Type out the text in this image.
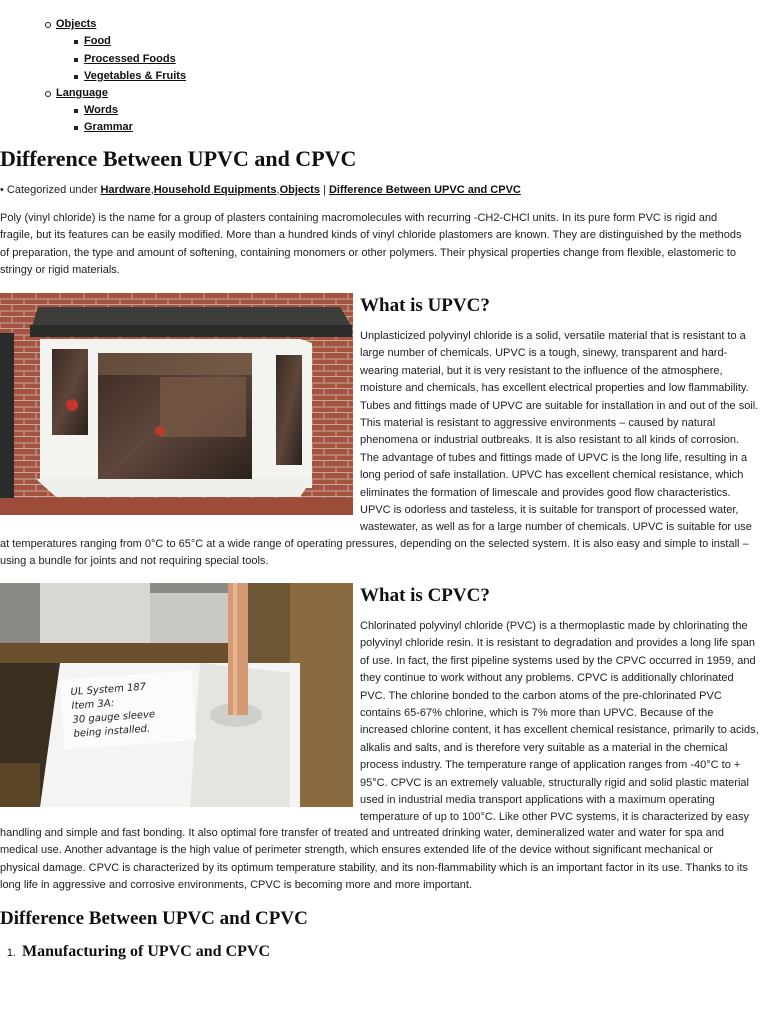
Objects
Food
Processed Foods
Vegetables & Fruits
Language
Words
Grammar
Difference Between UPVC and CPVC

• Categorized under Hardware,Household Equipments,Objects | Difference Between UPVC and CPVC

Poly (vinyl chloride) is the name for a group of plasters containing macromolecules with recurring -CH2-CHCl units. In its pure form PVC is rigid and
fragile, but its features can be easily modified. More than a hundred kinds of vinyl chloride plastomers are known. They are distinguished by the methods
of preparation, the type and amount of softening, containing monomers or other polymers. Their physical properties change from flexible, elastomeric to
stringy or rigid materials.

What is UPVC?

Unplasticized polyvinyl chloride is a solid, versatile material that is resistant to a
large number of chemicals. UPVC is a tough, sinewy, transparent and hard-
wearing material, but it is very resistant to the influence of the atmosphere,
moisture and chemicals, has excellent electrical properties and low flammability.
Tubes and fittings made of UPVC are suitable for installation in and out of the soil.
This material is resistant to aggressive environments – caused by natural
phenomena or industrial outbreaks. It is also resistant to all kinds of corrosion.
The advantage of tubes and fittings made of UPVC is the long life, resulting in a
long period of safe installation. UPVC has excellent chemical resistance, which
eliminates the formation of limescale and provides good flow characteristics.
UPVC is odorless and tasteless, it is suitable for transport of processed water,
wastewater, as well as for a large number of chemicals. UPVC is suitable for use

at temperatures ranging from 0°C to 65°C at a wide range of operating pressures, depending on the selected system. It is also easy and simple to install –
using a bundle for joints and not requiring special tools.

UL System 187 Item 3A: 30 gauge sleeve being installed.
What is CPVC?

Chlorinated polyvinyl chloride (PVC) is a thermoplastic made by chlorinating the
polyvinyl chloride resin. It is resistant to degradation and provides a long life span
of use. In fact, the first pipeline systems used by the CPVC occurred in 1959, and
they continue to work without any problems. CPVC is additionally chlorinated
PVC. The chlorine bonded to the carbon atoms of the pre-chlorinated PVC
contains 65-67% chlorine, which is 7% more than UPVC. Because of the
increased chlorine content, it has excellent chemical resistance, primarily to acids,
alkalis and salts, and is therefore very suitable as a material in the chemical
process industry. The temperature range of application ranges from -40°C to +
95°C. CPVC is an extremely valuable, structurally rigid and solid plastic material
used in industrial media transport applications with a maximum operating
temperature of up to 100°C. Like other PVC systems, it is characterized by easy

handling and simple and fast bonding. It also optimal fore transfer of treated and untreated drinking water, demineralized water and water for spa and
medical use. Another advantage is the high value of perimeter strength, which ensures extended life of the device without significant mechanical or
physical damage. CPVC is characterized by its optimum temperature stability, and its non-flammability which is an important factor in its use. Thanks to its
long life in aggressive and corrosive environments, CPVC is becoming more and more important.

Difference Between UPVC and CPVC
1. Manufacturing of UPVC and CPVC
